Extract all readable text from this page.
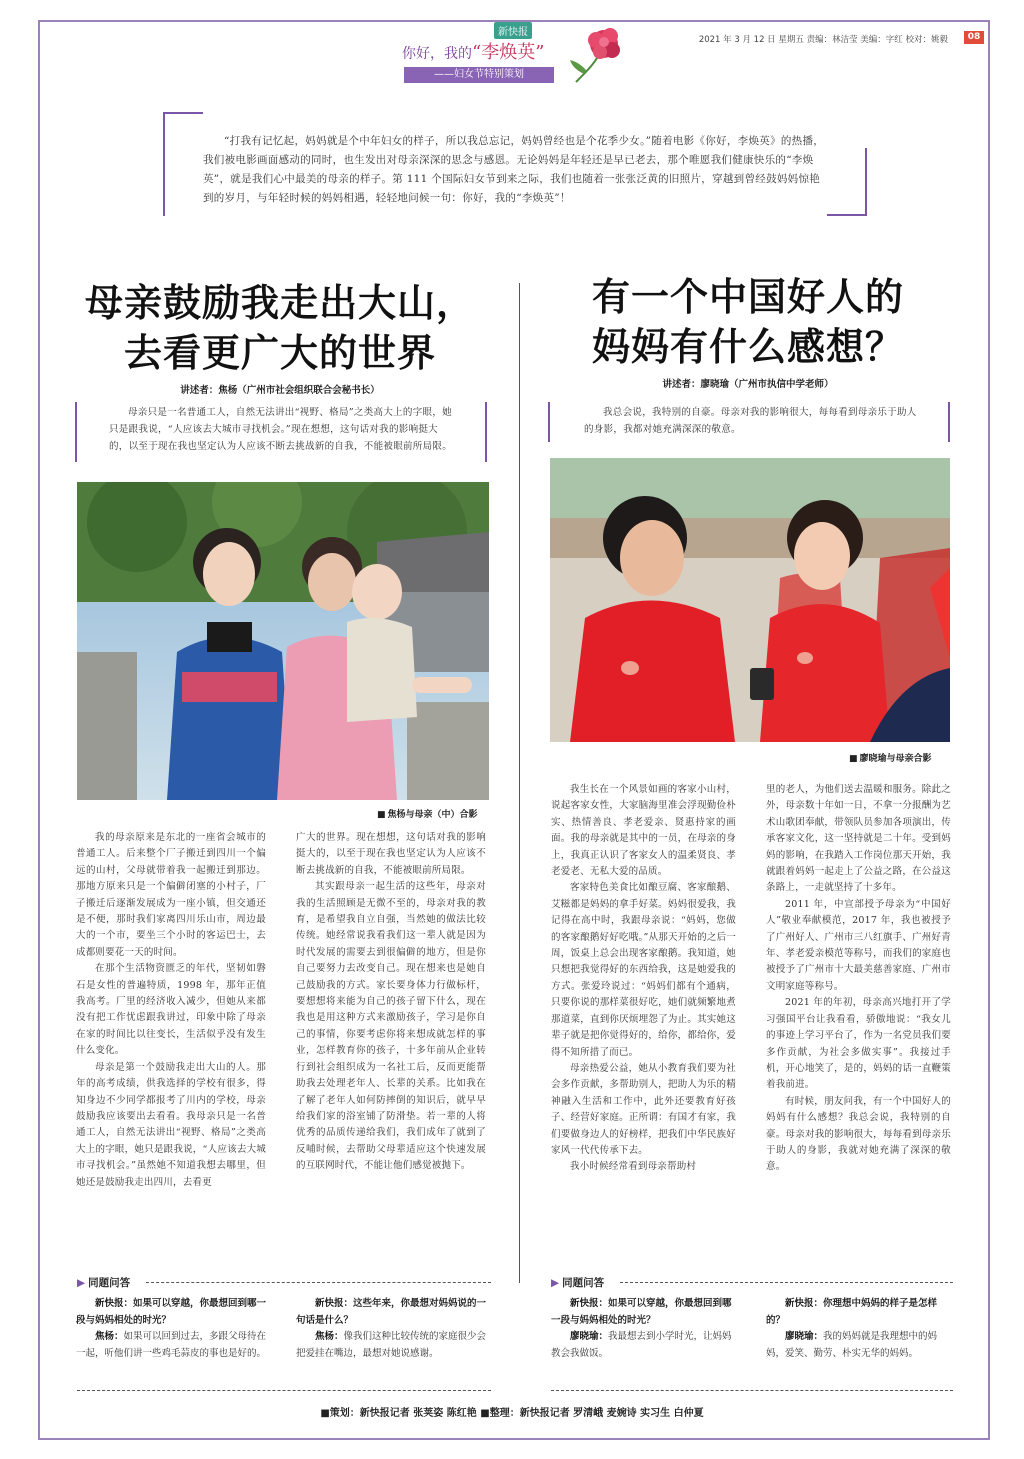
新快报
你好，我的“李焕英”
——妇女节特别策划
2021 年 3 月 12 日 星期五 责编：林洁莹 美编：字红 校对：姚毅	08

“打我有记忆起，妈妈就是个中年妇女的样子，所以我总忘记，妈妈曾经也是个花季少女。”随着电影《你好，李焕英》的热播，我们被电影画面感动的同时，也生发出对母亲深深的思念与感恩。无论妈妈是年轻还是早已老去，那个唯愿我们健康快乐的“李焕英”，就是我们心中最美的母亲的样子。第 111 个国际妇女节到来之际，我们也随着一张张泛黄的旧照片，穿越到曾经鼓妈妈惊艳到的岁月，与年轻时候的妈妈相遇，轻轻地问候一句：你好，我的“李焕英”！

母亲鼓励我走出大山，
去看更广大的世界
讲述者：焦杨（广州市社会组织联合会秘书长）

母亲只是一名普通工人，自然无法讲出“视野、格局”之类高大上的字眼，她只是跟我说，“人应该去大城市寻找机会。”现在想想，这句话对我的影响挺大的，以至于现在我也坚定认为人应该不断去挑战新的自我，不能被眼前所局限。

■ 焦杨与母亲（中）合影

我的母亲原来是东北的一座省会城市的普通工人。后来整个厂子搬迁到四川一个偏远的山村，父母就带着我一起搬迁到那边。那地方原来只是一个偏僻闭塞的小村子，厂子搬迁后逐渐发展成为一座小镇，但交通还是不便，那时我们家离四川乐山市，周边最大的一个市，要坐三个小时的客运巴士，去成都则要花一天的时间。

在那个生活物资匮乏的年代，坚韧如磐石是女性的普遍特质，1998 年，那年正值我高考。厂里的经济收入减少，但她从来都没有把工作忧虑跟我讲过，印象中除了母亲在家的时间比以往变长，生活似乎没有发生什么变化。

母亲是第一个鼓励我走出大山的人。那年的高考成绩，供我选择的学校有很多，得知身边不少同学都报考了川内的学校，母亲鼓励我应该要出去看看。我母亲只是一名普通工人，自然无法讲出“视野、格局”之类高大上的字眼，她只是跟我说，“人应该去大城市寻找机会。”虽然她不知道我想去哪里，但她还是鼓励我走出四川，去看更

广大的世界。现在想想，这句话对我的影响挺大的，以至于现在我也坚定认为人应该不断去挑战新的自我，不能被眼前所局限。

其实跟母亲一起生活的这些年，母亲对我的生活照顾是无微不至的，母亲对我的教育，是希望我自立自强，当然她的做法比较传统。她经常说我看我们这一辈人就是因为时代发展的需要去到很偏僻的地方，但是你自己要努力去改变自己。现在想来也是她自己鼓励我的方式。家长要身体力行做标杆，要想想将来能为自己的孩子留下什么，现在我也是用这种方式来激励孩子，学习是你自己的事情，你要考虑你将来想成就怎样的事业，怎样教育你的孩子，十多年前从企业转行到社会组织成为一名社工后，反而更能帮助我去处理老年人、长辈的关系。比如我在了解了老年人如何防摔倒的知识后，就早早给我们家的浴室铺了防滑垫。若一辈的人将优秀的品质传递给我们，我们成年了就到了反哺时候，去帮助父母辈适应这个快速发展的互联网时代，不能让他们感觉被抛下。

有一个中国好人的
妈妈有什么感想？
讲述者：廖晓瑜（广州市执信中学老师）

我总会说，我特别的自豪。母亲对我的影响很大，每每看到母亲乐于助人的身影，我都对她充满深深的敬意。

■ 廖晓瑜与母亲合影

我生长在一个风景如画的客家小山村，说起客家女性，大家脑海里准会浮现勤俭朴实、热情善良、孝老爱亲、贤惠持家的画面。我的母亲就是其中的一员，在母亲的身上，我真正认识了客家女人的温柔贤良、孝老爱老、无私大爱的品质。

客家特色美食比如酿豆腐、客家酿鹅、艾糍都是妈妈的拿手好菜。妈妈很爱我，我记得在高中时，我跟母亲说：“妈妈，您做的客家酿鹅好好吃哦。”从那天开始的之后一周，饭桌上总会出现客家酿鹅。我知道，她只想把我觉得好的东西给我，这是她爱我的方式。张爱玲说过：“妈妈们都有个通病，只要你说的那样菜很好吃，她们就频繁地煮那道菜，直到你厌烦埋怨了为止。其实她这辈子就是把你觉得好的，给你，都给你，爱得不知所措了而已。

母亲热爱公益，她从小教育我们要为社会多作贡献，多帮助别人，把助人为乐的精神融入生活和工作中，此外还要教育好孩子、经营好家庭。正所谓：有国才有家，我们要做身边人的好榜样，把我们中华民族好家风一代代传承下去。

我小时候经常看到母亲帮助村

里的老人，为他们送去温暖和服务。除此之外，母亲数十年如一日，不拿一分报酬为艺术山歌团奉献，带领队员参加各项演出，传承客家文化，这一坚持就是二十年。受到妈妈的影响，在我踏入工作岗位那天开始，我就跟着妈妈一起走上了公益之路，在公益这条路上，一走就坚持了十多年。

2011 年，中宣部授予母亲为“中国好人”敬业奉献模范，2017 年，我也被授予了广州好人、广州市三八红旗手、广州好青年、孝老爱亲模范等称号，而我们的家庭也被授予了广州市十大最美慈善家庭、广州市文明家庭等称号。

2021 年的年初，母亲高兴地打开了学习强国平台让我看看，骄傲地说：“我女儿的事迹上学习平台了，作为一名党员我们要多作贡献，为社会多做实事”。我接过手机，开心地笑了，是的，妈妈的话一直鞭策着我前进。

有时候，朋友问我，有一个中国好人的妈妈有什么感想？我总会说，我特别的自豪。母亲对我的影响很大，每每看到母亲乐于助人的身影，我就对她充满了深深的敬意。

▶ 同题问答
新快报：如果可以穿越，你最想回到哪一段与妈妈相处的时光？
焦杨：如果可以回到过去，多跟父母待在一起，听他们讲一些鸡毛蒜皮的事也是好的。
新快报：这些年来，你最想对妈妈说的一句话是什么？
焦杨：像我们这种比较传统的家庭很少会把爱挂在嘴边，最想对她说感谢。
▶ 同题问答
新快报：如果可以穿越，你最想回到哪一段与妈妈相处的时光？
廖晓瑜：我最想去到小学时光，让妈妈教会我做饭。
新快报：你理想中妈妈的样子是怎样的？
廖晓瑜：我的妈妈就是我理想中的妈妈，爱笑、勤劳、朴实无华的妈妈。
■策划：新快报记者 张荚姿 陈红艳 ■整理：新快报记者 罗清峨 麦婉诗 实习生 白仲夏
